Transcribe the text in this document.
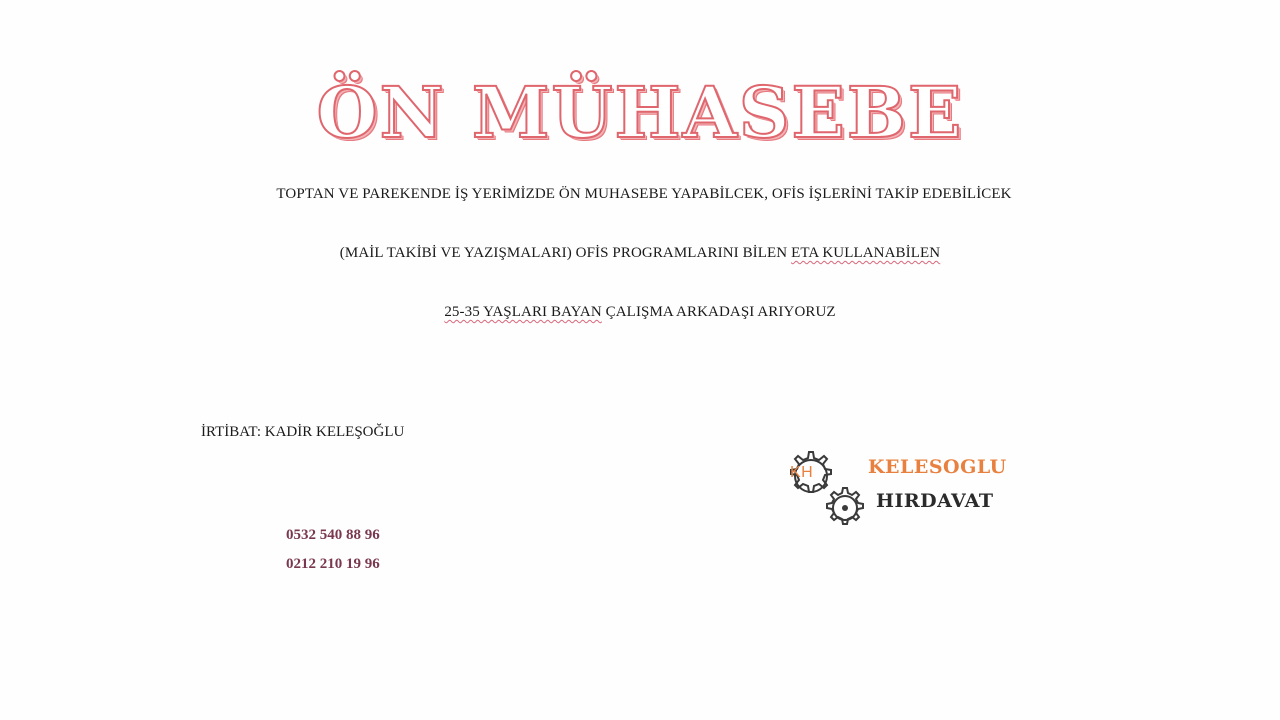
ÖN MÜHASEBE
TOPTAN VE PAREKENDE İŞ YERİMİZDE ÖN MUHASEBE YAPABİLCEK, OFİS İŞLERİNİ TAKİP EDEBİLİCEK
(MAİL TAKİBİ VE YAZIŞMALARI) OFİS PROGRAMLARINI BİLEN ETA KULLANABİLEN
25-35 YAŞLARI BAYAN ÇALIŞMA ARKADAŞI ARIYORUZ
İRTİBAT: KADİR KELEŞOĞLU
0532 540 88 96
0212 210 19 96
KH	KELESOGLU
HIRDAVAT
